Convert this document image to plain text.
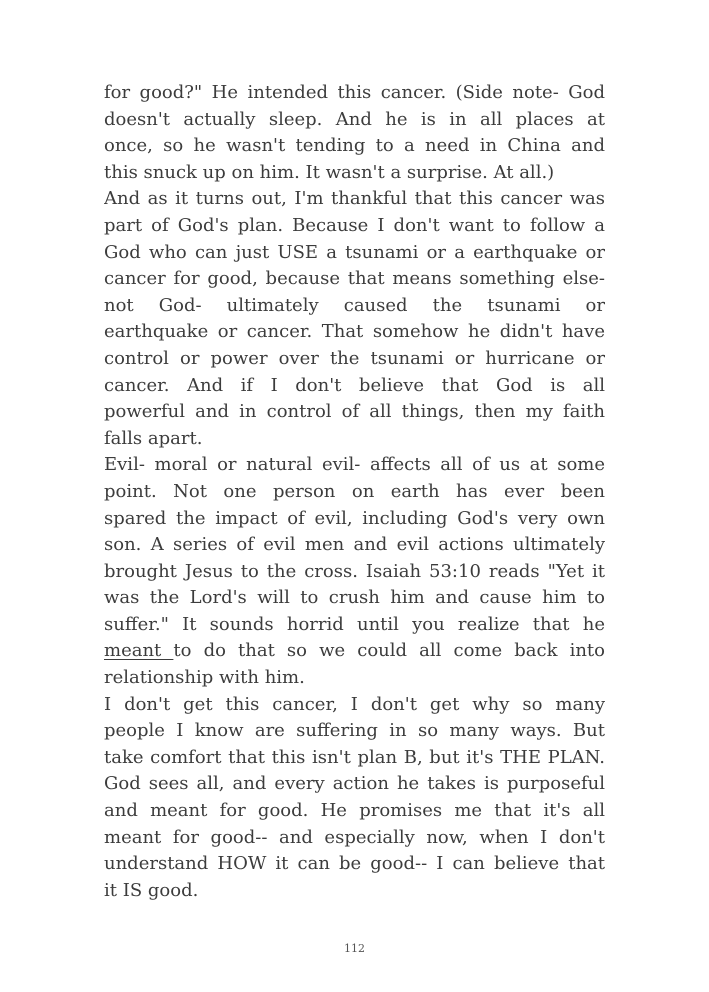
for good?" He intended this cancer. (Side note- God
doesn't actually sleep. And he is in all places at
once, so he wasn't tending to a need in China and
this snuck up on him. It wasn't a surprise. At all.)
And as it turns out, I'm thankful that this cancer was
part of God's plan. Because I don't want to follow a
God who can just USE a tsunami or a earthquake or
cancer for good, because that means something else-
not God- ultimately caused the tsunami or
earthquake or cancer. That somehow he didn't have
control or power over the tsunami or hurricane or
cancer. And if I don't believe that God is all
powerful and in control of all things, then my faith
falls apart.
Evil- moral or natural evil- affects all of us at some
point. Not one person on earth has ever been
spared the impact of evil, including God's very own
son. A series of evil men and evil actions ultimately
brought Jesus to the cross. Isaiah 53:10 reads "Yet it
was the Lord's will to crush him and cause him to
suffer." It sounds horrid until you realize that he
meant to do that so we could all come back into
relationship with him.
I don't get this cancer, I don't get why so many
people I know are suffering in so many ways. But
take comfort that this isn't plan B, but it's THE PLAN.
God sees all, and every action he takes is purposeful
and meant for good. He promises me that it's all
meant for good-- and especially now, when I don't
understand HOW it can be good-- I can believe that
it IS good.
112
